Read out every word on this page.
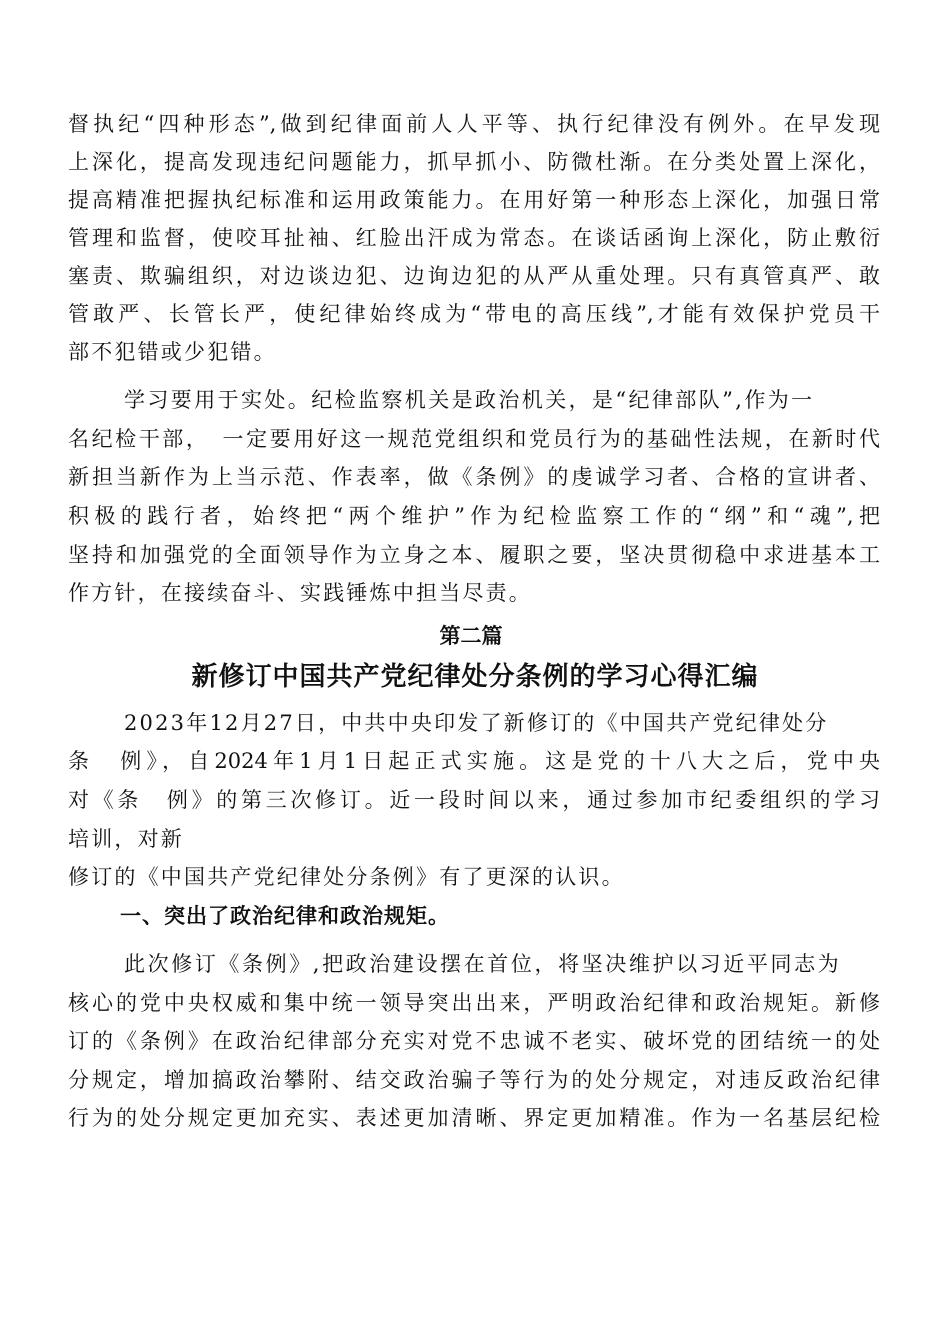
督执纪“四种形态”,做到纪律面前人人平等、执行纪律没有例外。在早发现
上深化，提高发现违纪问题能力，抓早抓小、防微杜渐。在分类处置上深化，
提高精准把握执纪标准和运用政策能力。在用好第一种形态上深化，加强日常
管理和监督，使咬耳扯袖、红脸出汗成为常态。在谈话函询上深化，防止敷衍
塞责、欺骗组织，对边谈边犯、边询边犯的从严从重处理。只有真管真严、敢
管敢严、长管长严，使纪律始终成为“带电的高压线”,才能有效保护党员干
部不犯错或少犯错。
学习要用于实处。纪检监察机关是政治机关，是“纪律部队”,作为一
名纪检干部，　一定要用好这一规范党组织和党员行为的基础性法规，在新时代
新担当新作为上当示范、作表率，做《条例》的虔诚学习者、合格的宣讲者、
积极的践行者，始终把“两个维护”作为纪检监察工作的“纲”和“魂”,把
坚持和加强党的全面领导作为立身之本、履职之要，坚决贯彻稳中求进基本工
作方针，在接续奋斗、实践锤炼中担当尽责。
第二篇
新修订中国共产党纪律处分条例的学习心得汇编
2023年12月27日，中共中央印发了新修订的《中国共产党纪律处分
条　例》，自2024年1月1日起正式实施。这是党的十八大之后，党中央
对《条　例》的第三次修订。近一段时间以来，通过参加市纪委组织的学习
培训，对新
修订的《中国共产党纪律处分条例》有了更深的认识。
一、突出了政治纪律和政治规矩。
此次修订《条例》,把政治建设摆在首位，将坚决维护以习近平同志为
核心的党中央权威和集中统一领导突出出来，严明政治纪律和政治规矩。新修
订的《条例》在政治纪律部分充实对党不忠诚不老实、破坏党的团结统一的处
分规定，增加搞政治攀附、结交政治骗子等行为的处分规定，对违反政治纪律
行为的处分规定更加充实、表述更加清晰、界定更加精准。作为一名基层纪检
